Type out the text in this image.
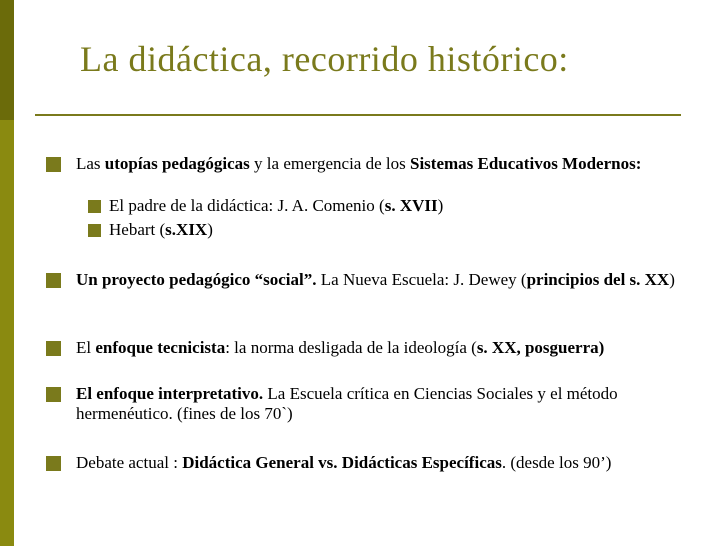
La didáctica, recorrido histórico:
Las utopías pedagógicas y la emergencia de los Sistemas Educativos Modernos:
El padre de la didáctica: J. A. Comenio (s. XVII)
Hebart (s.XIX)
Un proyecto pedagógico “social”. La Nueva Escuela: J. Dewey (principios del s. XX)
El enfoque tecnicista: la norma desligada de la ideología (s. XX, posguerra)
El enfoque interpretativo. La Escuela crítica en Ciencias Sociales y el método hermenéutico. (fines de los 70`)
Debate actual : Didáctica General vs. Didácticas Específicas. (desde los 90’)
